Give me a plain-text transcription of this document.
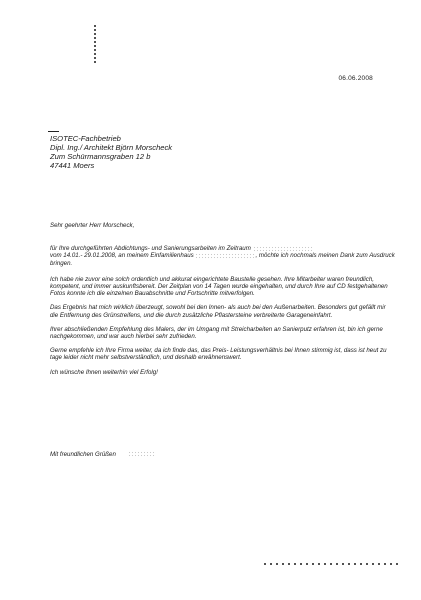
06.06.2008
ISOTEC-Fachbetrieb
Dipl. Ing./ Architekt Björn Morscheck
Zum Schürmannsgraben 12 b
47441 Moers

Sehr geehrter Herr Morscheck,

für Ihre durchgeführten Abdichtungs- und Sanierungsarbeiten im Zeitraum
vom 14.01.- 29.01.2008, an meinem Einfamilienhaus	, möchte ich nochmals meinen Dank zum Ausdruck bringen.

Ich habe nie zuvor eine solch ordentlich und akkurat eingerichtete Baustelle gesehen. Ihre Mitarbeiter waren freundlich, kompetent, und immer auskunftsbereit. Der Zeitplan von 14 Tagen wurde eingehalten, und durch Ihre auf CD festgehaltenen Fotos konnte ich die einzelnen Bauabschnitte und Fortschritte mitverfolgen.

Das Ergebnis hat mich wirklich überzeugt, sowohl bei den Innen- als auch bei den Außenarbeiten. Besonders gut gefällt mir die Entfernung des Grünstreifens, und die durch zusätzliche Pflastersteine verbreiterte Garageneinfahrt.

Ihrer abschließenden Empfehlung des Malers, der im Umgang mit Streicharbeiten an Sanierputz erfahren ist, bin ich gerne nachgekommen, und war auch hierbei sehr zufrieden.

Gerne empfehle ich Ihre Firma weiter, da ich finde das, das Preis- Leistungsverhältnis bei Ihnen stimmig ist, dass ist heut zu tage leider nicht mehr selbstverständlich, und deshalb erwähnenswert.

Ich wünsche Ihnen weiterhin viel Erfolg!

Mit freundlichen Grüßen
